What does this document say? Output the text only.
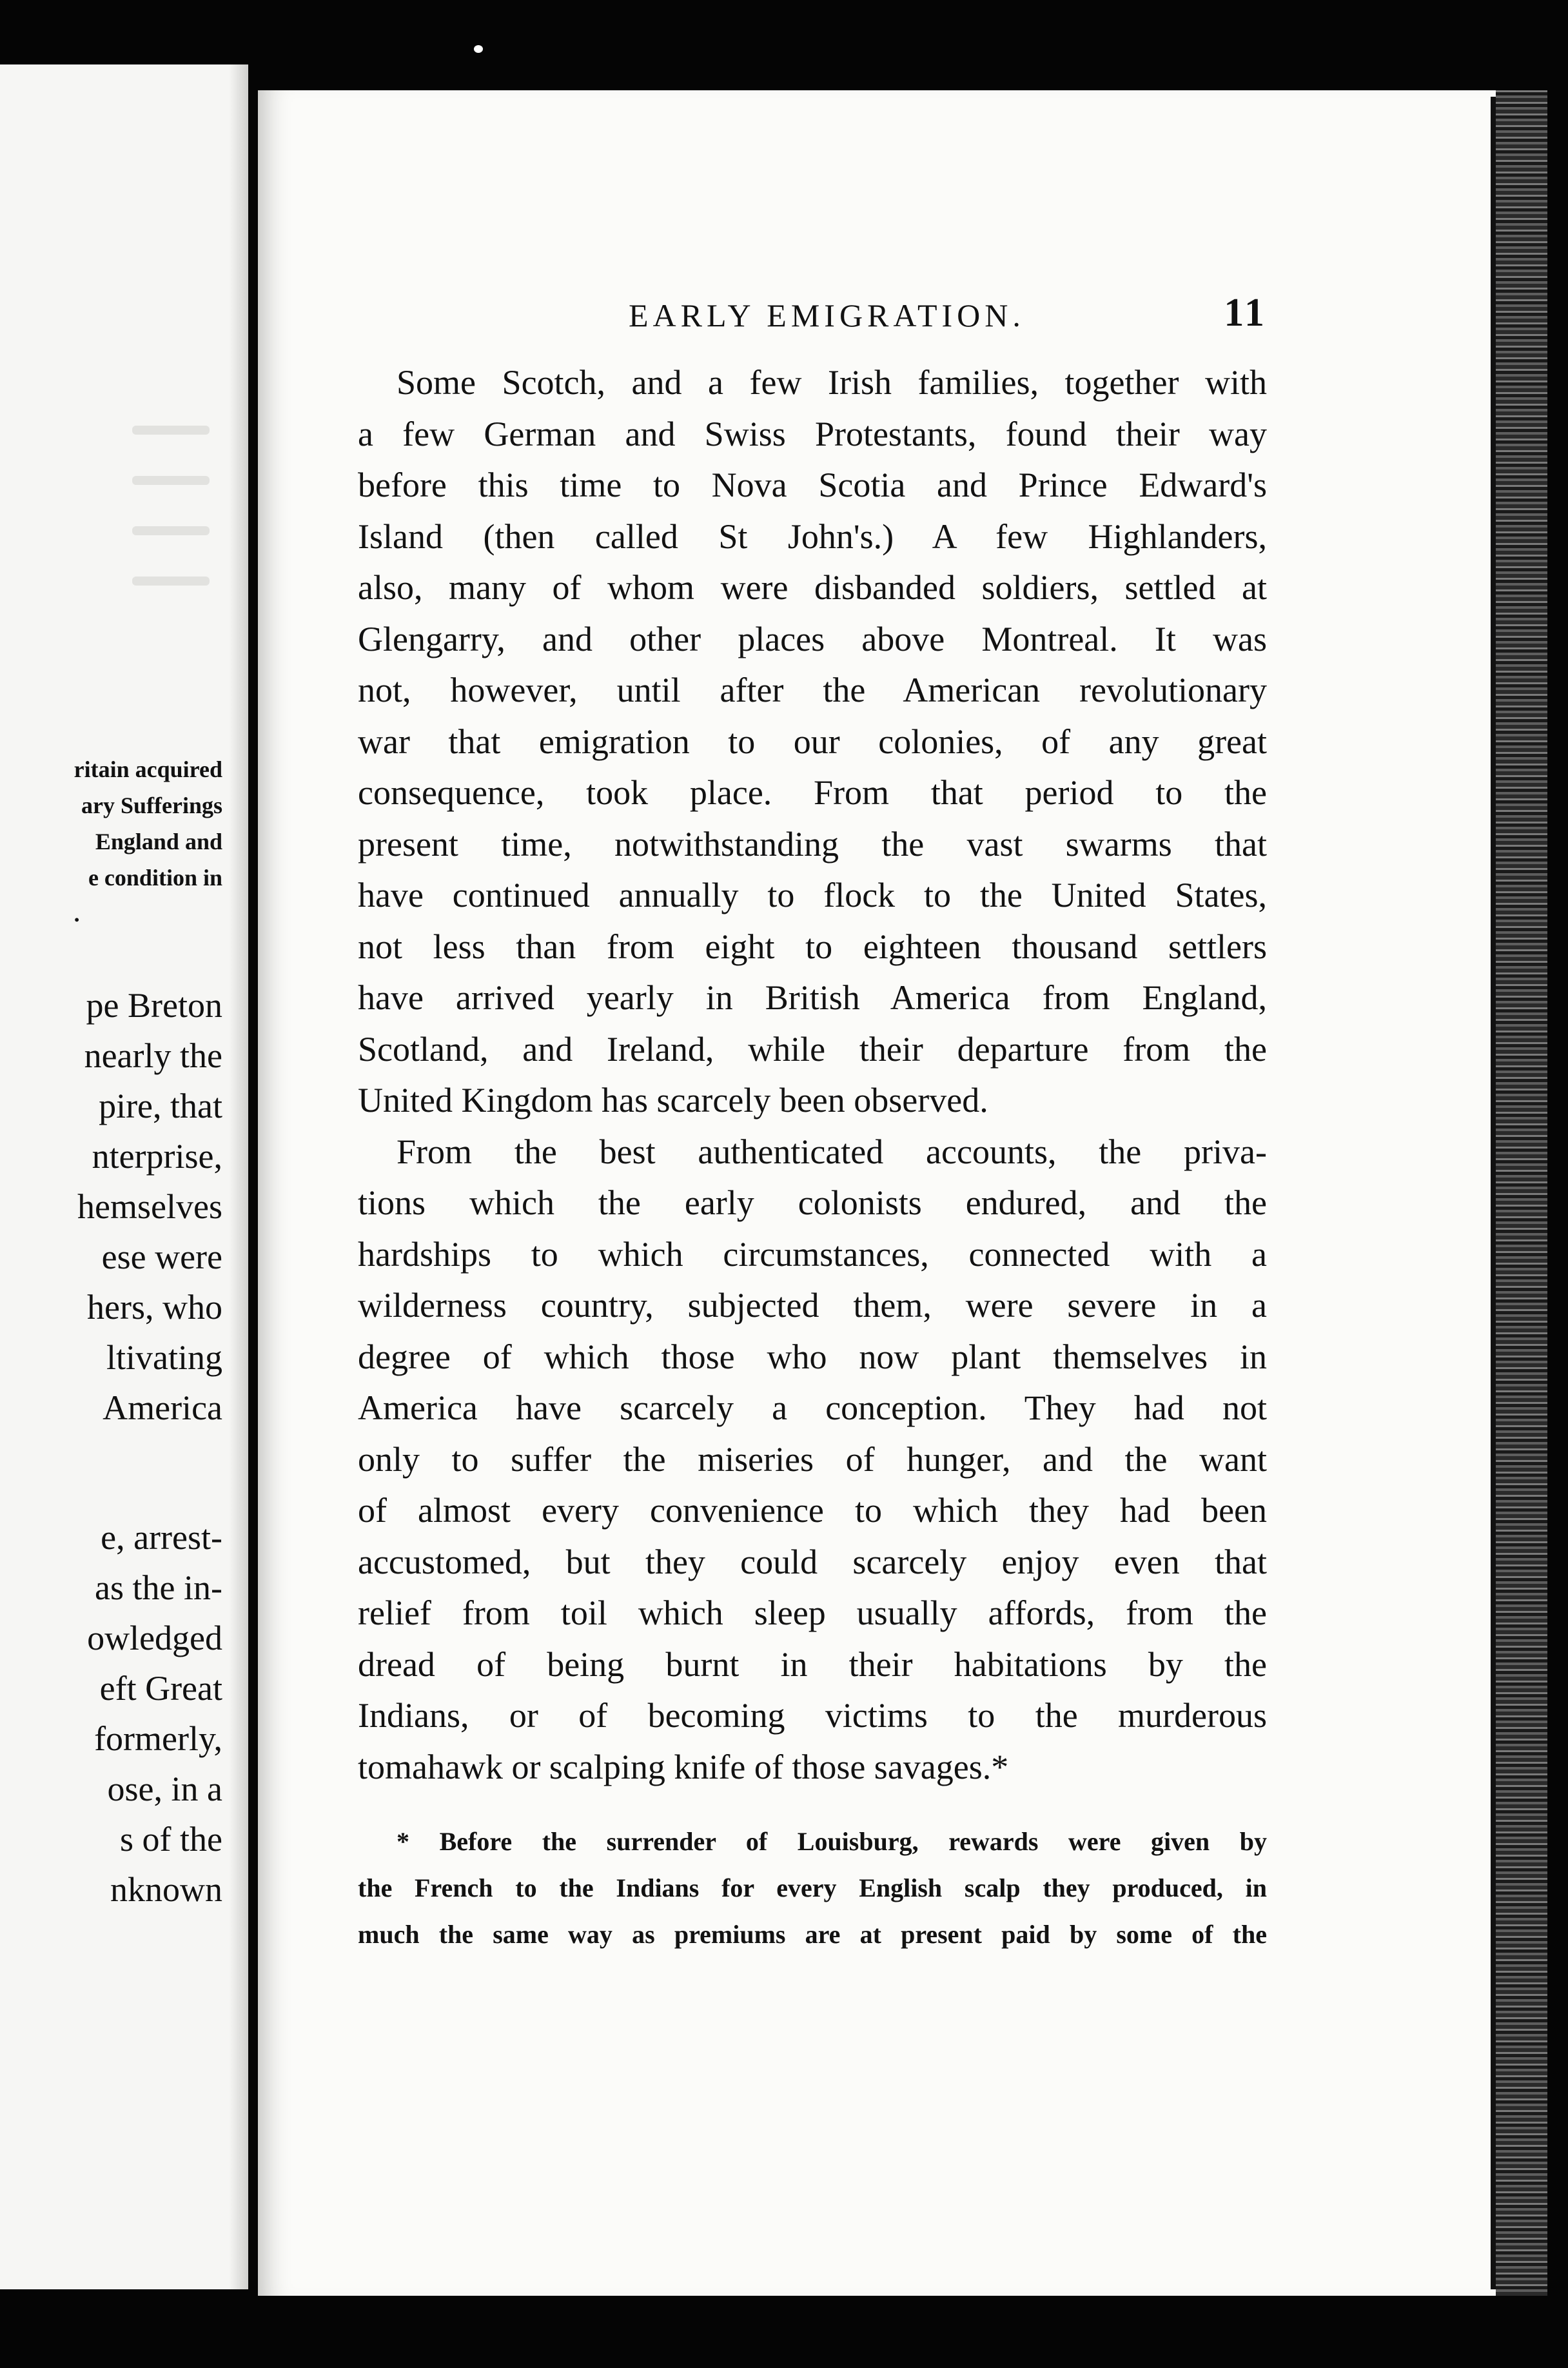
ritain acquired
ary Sufferings
England and
e condition in
.
pe Breton
nearly the
pire, that
nterprise,
hemselves
ese were
hers, who
ltivating
America
e, arrest-
as the in-
owledged
eft Great
formerly,
ose, in a
s of the
nknown
EARLY EMIGRATION.	11

Some Scotch, and a few Irish families, together with
a few German and Swiss Protestants, found their way
before this time to Nova Scotia and Prince Edward's
Island (then called St John's.) A few Highlanders,
also, many of whom were disbanded soldiers, settled at
Glengarry, and other places above Montreal. It was
not, however, until after the American revolutionary
war that emigration to our colonies, of any great
consequence, took place. From that period to the
present time, notwithstanding the vast swarms that
have continued annually to flock to the United States,
not less than from eight to eighteen thousand settlers
have arrived yearly in British America from England,
Scotland, and Ireland, while their departure from the
United Kingdom has scarcely been observed.

From the best authenticated accounts, the priva-
tions which the early colonists endured, and the
hardships to which circumstances, connected with a
wilderness country, subjected them, were severe in a
degree of which those who now plant themselves in
America have scarcely a conception. They had not
only to suffer the miseries of hunger, and the want
of almost every convenience to which they had been
accustomed, but they could scarcely enjoy even that
relief from toil which sleep usually affords, from the
dread of being burnt in their habitations by the
Indians, or of becoming victims to the murderous
tomahawk or scalping knife of those savages.*

* Before the surrender of Louisburg, rewards were given by
the French to the Indians for every English scalp they produced, in
much the same way as premiums are at present paid by some of the
